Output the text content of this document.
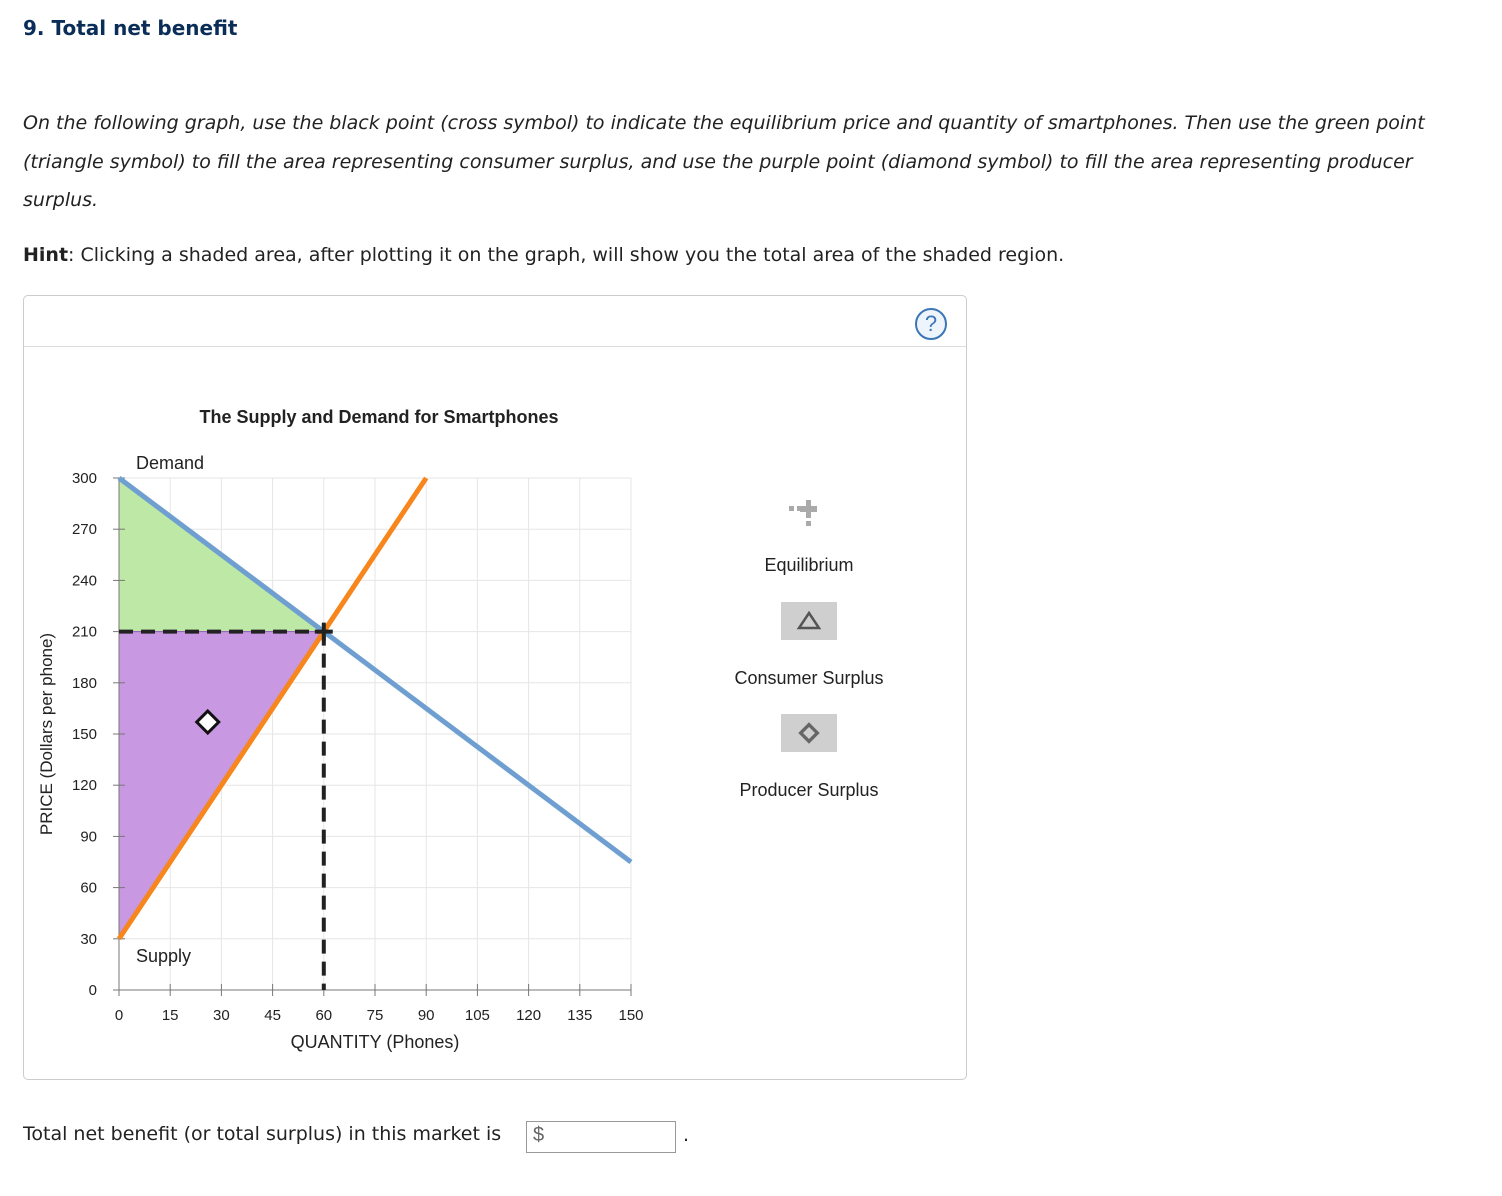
9. Total net benefit
On the following graph, use the black point (cross symbol) to indicate the equilibrium price and quantity of smartphones. Then use the green point (triangle symbol) to fill the area representing consumer surplus, and use the purple point (diamond symbol) to fill the area representing producer surplus.
Hint: Clicking a shaded area, after plotting it on the graph, will show you the total area of the shaded region.
?
The Supply and Demand for Smartphones
PRICE (Dollars per phone)
QUANTITY (Phones)
0	15 30 45 60 75 90 105 120 135 150
0
30
60
90
120
150
180
210
240
270
300
Demand
Supply
Equilibrium
Consumer Surplus
Producer Surplus
Total net benefit (or total surplus) in this market is $	.
